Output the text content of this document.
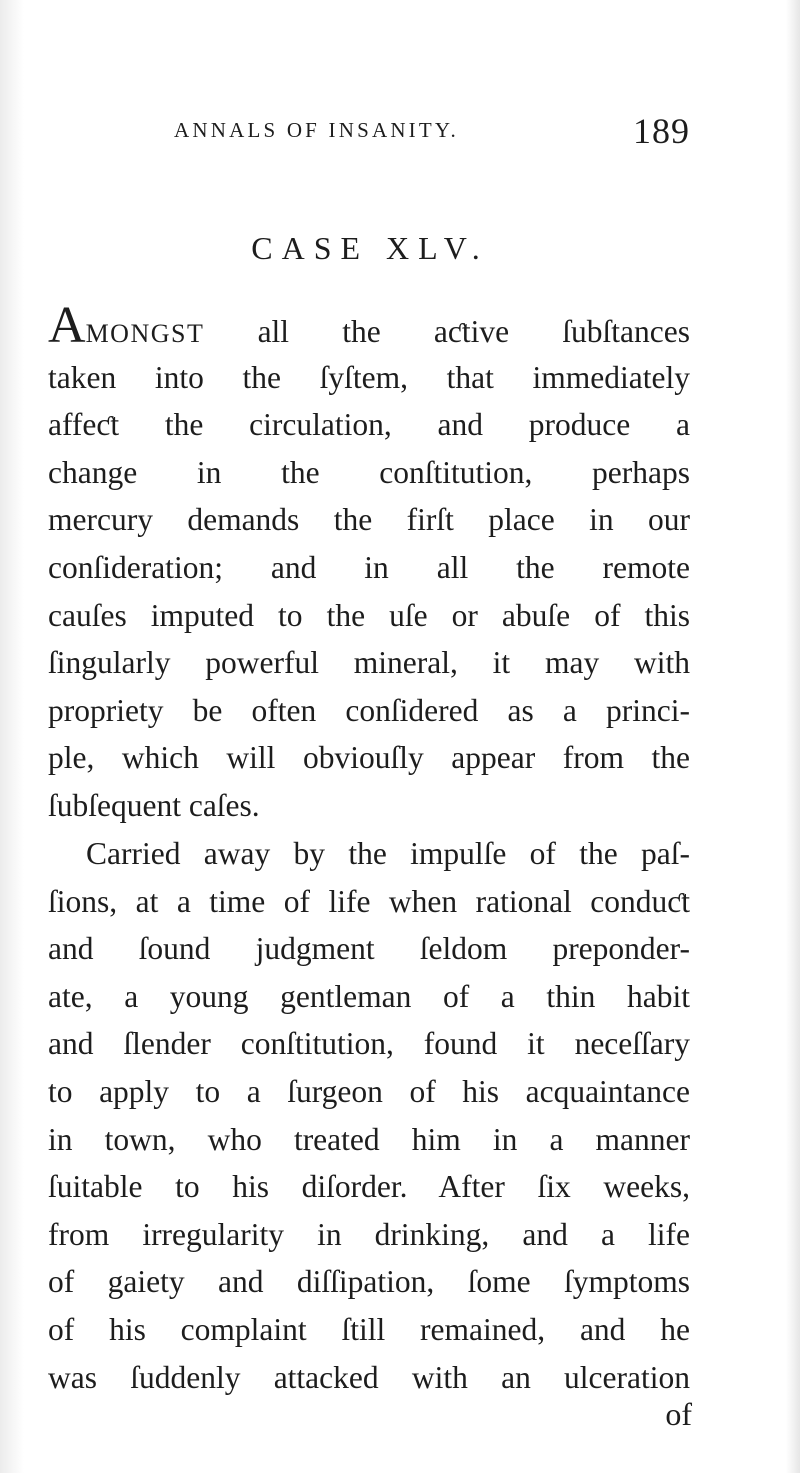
ANNALS OF INSANITY.	189
CASE XLV.
AMONGST all the aƈtive ſubſtances
taken into the ſyſtem, that immediately
affeƈt the circulation, and produce a
change in the conſtitution, perhaps
mercury demands the firſt place in our
conſideration; and in all the remote
cauſes imputed to the uſe or abuſe of this
ſingularly powerful mineral, it may with
propriety be often conſidered as a princi-
ple, which will obviouſly appear from the
ſubſequent caſes.
Carried away by the impulſe of the paſ-
ſions, at a time of life when rational conduƈt
and ſound judgment ſeldom preponder-
ate, a young gentleman of a thin habit
and ſlender conſtitution, found it neceſſary
to apply to a ſurgeon of his acquaintance
in town, who treated him in a manner
ſuitable to his diſorder. After ſix weeks,
from irregularity in drinking, and a life
of gaiety and diſſipation, ſome ſymptoms
of his complaint ſtill remained, and he
was ſuddenly attacked with an ulceration
of
